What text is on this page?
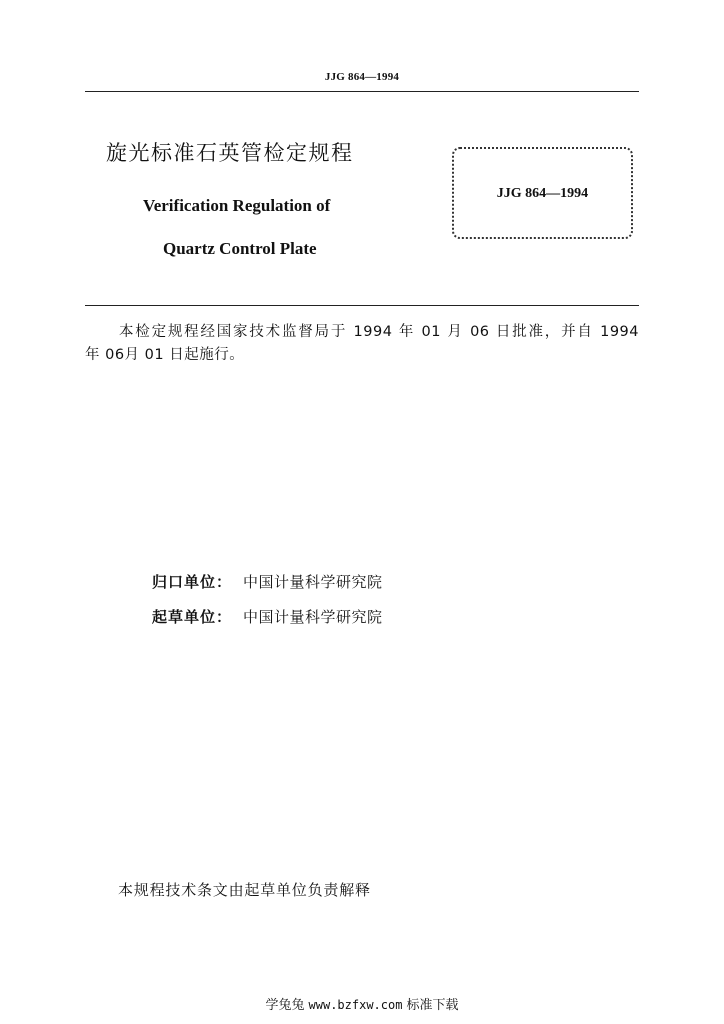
JJG 864—1994
旋光标准石英管检定规程
Verification Regulation of
Quartz Control Plate
JJG 864—1994
本检定规程经国家技术监督局于 1994 年 01 月 06 日批准，并自 1994
年 06月 01 日起施行。
归口单位： 中国计量科学研究院
起草单位： 中国计量科学研究院
本规程技术条文由起草单位负责解释
学兔兔 www.bzfxw.com 标准下载
